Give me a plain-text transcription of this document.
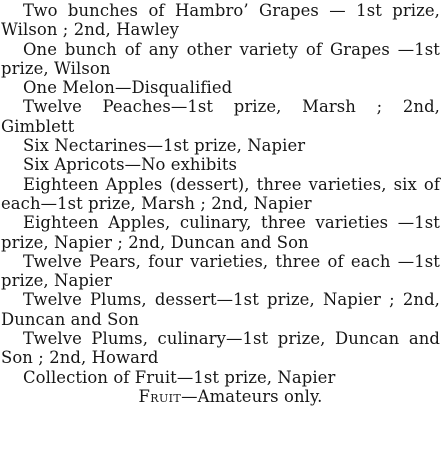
Two bunches of Hambro’ Grapes — 1st prize, Wilson ; 2nd, Hawley

One bunch of any other variety of Grapes —1st prize, Wilson

One Melon—Disqualified

Twelve Peaches—1st prize, Marsh ; 2nd, Gimblett

Six Nectarines—1st prize, Napier

Six Apricots—No exhibits

Eighteen Apples (dessert), three varieties, six of each—1st prize, Marsh ; 2nd, Napier

Eighteen Apples, culinary, three varieties —1st prize, Napier ; 2nd, Duncan and Son

Twelve Pears, four varieties, three of each —1st prize, Napier

Twelve Plums, dessert—1st prize, Napier ; 2nd, Duncan and Son

Twelve Plums, culinary—1st prize, Duncan and Son ; 2nd, Howard

Collection of Fruit—1st prize, Napier

Fruit—Amateurs only.
